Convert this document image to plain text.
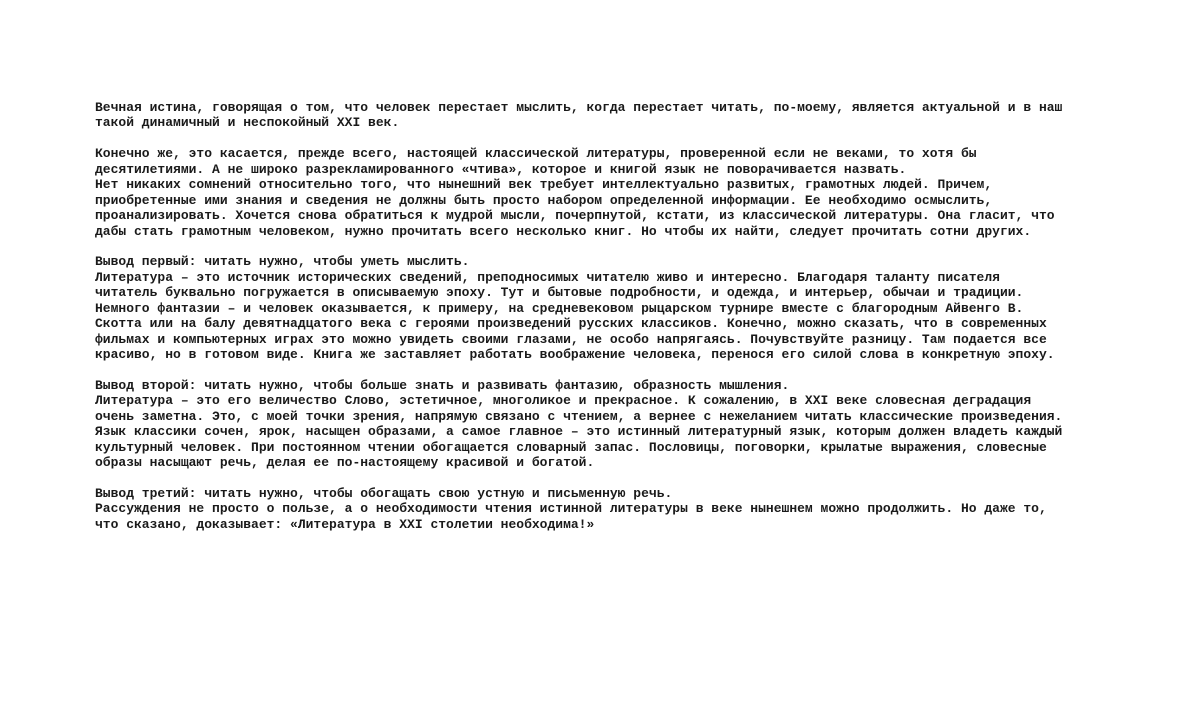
Вечная истина, говорящая о том, что человек перестает мыслить, когда перестает читать, по-моему, является актуальной и в наш
такой динамичный и неспокойный XXI век.
Конечно же, это касается, прежде всего, настоящей классической литературы, проверенной если не веками, то хотя бы
десятилетиями. А не широко разрекламированного «чтива», которое и книгой язык не поворачивается назвать.
Нет никаких сомнений относительно того, что нынешний век требует интеллектуально развитых, грамотных людей. Причем,
приобретенные ими знания и сведения не должны быть просто набором определенной информации. Ее необходимо осмыслить,
проанализировать. Хочется снова обратиться к мудрой мысли, почерпнутой, кстати, из классической литературы. Она гласит, что
дабы стать грамотным человеком, нужно прочитать всего несколько книг. Но чтобы их найти, следует прочитать сотни других.
Вывод первый: читать нужно, чтобы уметь мыслить.
Литература – это источник исторических сведений, преподносимых читателю живо и интересно. Благодаря таланту писателя
читатель буквально погружается в описываемую эпоху. Тут и бытовые подробности, и одежда, и интерьер, обычаи и традиции.
Немного фантазии – и человек оказывается, к примеру, на средневековом рыцарском турнире вместе с благородным Айвенго В.
Скотта или на балу девятнадцатого века с героями произведений русских классиков. Конечно, можно сказать, что в современных
фильмах и компьютерных играх это можно увидеть своими глазами, не особо напрягаясь. Почувствуйте разницу. Там подается все
красиво, но в готовом виде. Книга же заставляет работать воображение человека, перенося его силой слова в конкретную эпоху.
Вывод второй: читать нужно, чтобы больше знать и развивать фантазию, образность мышления.
Литература – это его величество Слово, эстетичное, многоликое и прекрасное. К сожалению, в XXI веке словесная деградация
очень заметна. Это, с моей точки зрения, напрямую связано с чтением, а вернее с нежеланием читать классические произведения.
Язык классики сочен, ярок, насыщен образами, а самое главное – это истинный литературный язык, которым должен владеть каждый
культурный человек. При постоянном чтении обогащается словарный запас. Пословицы, поговорки, крылатые выражения, словесные
образы насыщают речь, делая ее по-настоящему красивой и богатой.
Вывод третий: читать нужно, чтобы обогащать свою устную и письменную речь.
Рассуждения не просто о пользе, а о необходимости чтения истинной литературы в веке нынешнем можно продолжить. Но даже то,
что сказано, доказывает: «Литература в XXI столетии необходима!»
